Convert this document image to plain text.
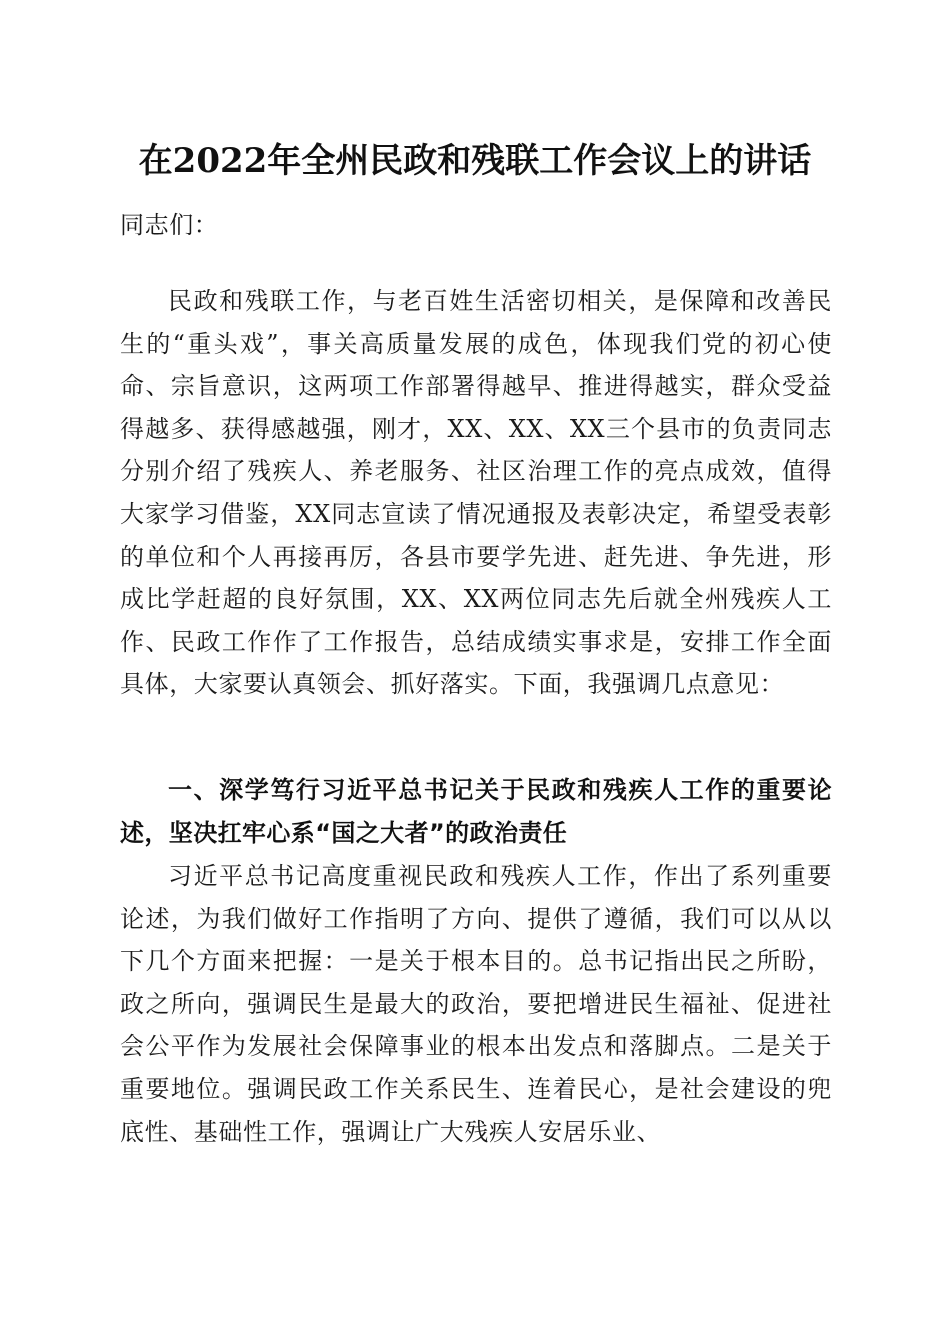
在2022年全州民政和残联工作会议上的讲话
同志们：
民政和残联工作，与老百姓生活密切相关，是保障和改善民生的“重头戏”，事关高质量发展的成色，体现我们党的初心使命、宗旨意识，这两项工作部署得越早、推进得越实，群众受益得越多、获得感越强，刚才，XX、XX、XX三个县市的负责同志分别介绍了残疾人、养老服务、社区治理工作的亮点成效，值得大家学习借鉴，XX同志宣读了情况通报及表彰决定，希望受表彰的单位和个人再接再厉，各县市要学先进、赶先进、争先进，形成比学赶超的良好氛围，XX、XX两位同志先后就全州残疾人工作、民政工作作了工作报告，总结成绩实事求是，安排工作全面具体，大家要认真领会、抓好落实。下面，我强调几点意见：
一、深学笃行习近平总书记关于民政和残疾人工作的重要论述，坚决扛牢心系“国之大者”的政治责任
习近平总书记高度重视民政和残疾人工作，作出了系列重要论述，为我们做好工作指明了方向、提供了遵循，我们可以从以下几个方面来把握：一是关于根本目的。总书记指出民之所盼，政之所向，强调民生是最大的政治，要把增进民生福祉、促进社会公平作为发展社会保障事业的根本出发点和落脚点。二是关于重要地位。强调民政工作关系民生、连着民心，是社会建设的兜底性、基础性工作，强调让广大残疾人安居乐业、
